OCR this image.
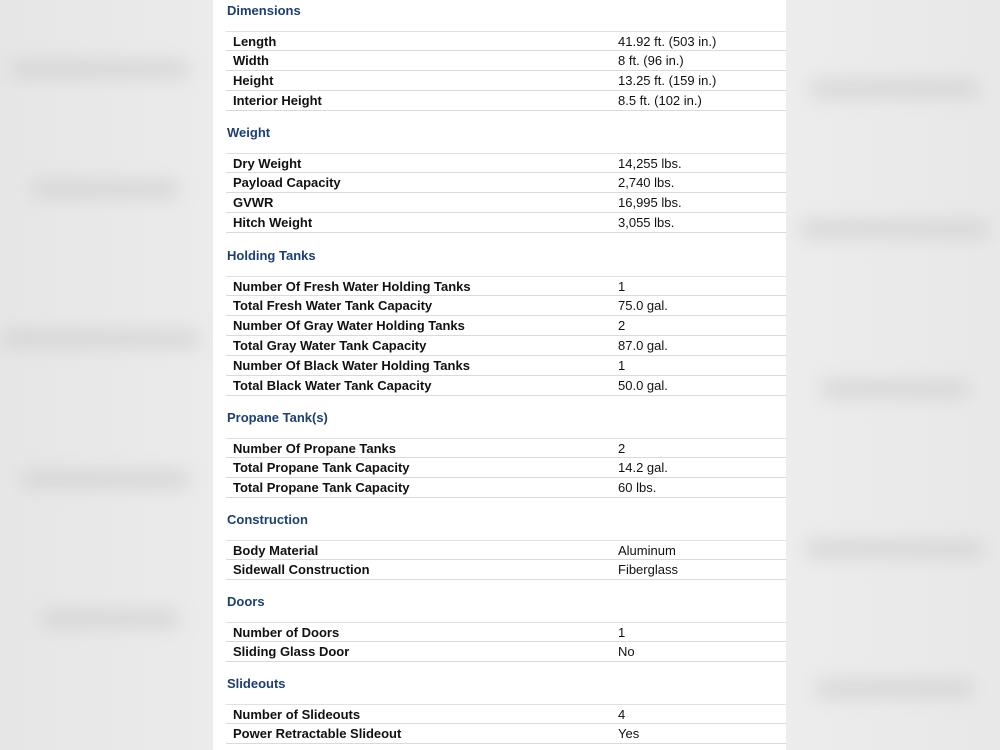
Dimensions
Length	41.92 ft. (503 in.)
Width	8 ft. (96 in.)
Height	13.25 ft. (159 in.)
Interior Height	8.5 ft. (102 in.)
Weight
Dry Weight	14,255 lbs.
Payload Capacity	2,740 lbs.
GVWR	16,995 lbs.
Hitch Weight	3,055 lbs.
Holding Tanks
Number Of Fresh Water Holding Tanks	1
Total Fresh Water Tank Capacity	75.0 gal.
Number Of Gray Water Holding Tanks	2
Total Gray Water Tank Capacity	87.0 gal.
Number Of Black Water Holding Tanks	1
Total Black Water Tank Capacity	50.0 gal.
Propane Tank(s)
Number Of Propane Tanks	2
Total Propane Tank Capacity	14.2 gal.
Total Propane Tank Capacity	60 lbs.
Construction
Body Material	Aluminum
Sidewall Construction	Fiberglass
Doors
Number of Doors	1
Sliding Glass Door	No
Slideouts
Number of Slideouts	4
Power Retractable Slideout	Yes
